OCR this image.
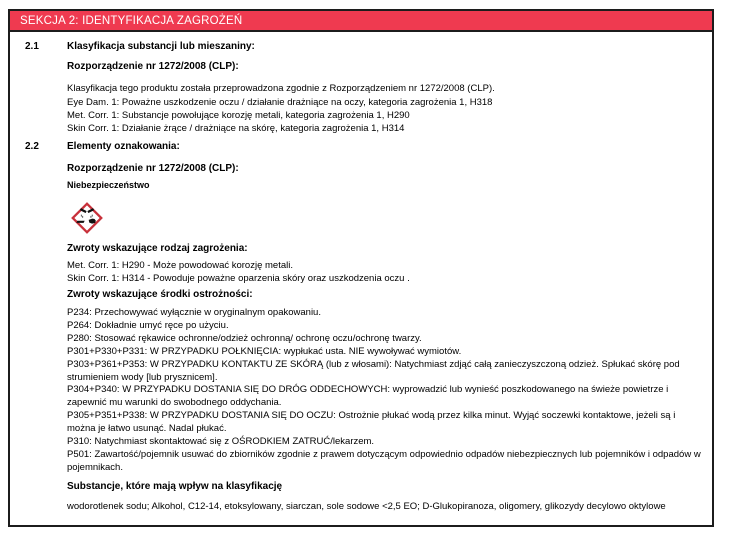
SEKCJA 2: IDENTYFIKACJA ZAGROŻEŃ
2.1	Klasyfikacja substancji lub mieszaniny:
Rozporządzenie nr 1272/2008 (CLP):
Klasyfikacja tego produktu została przeprowadzona zgodnie z Rozporządzeniem nr 1272/2008 (CLP).
Eye Dam. 1: Poważne uszkodzenie oczu / działanie drażniące na oczy, kategoria zagrożenia 1, H318
Met. Corr. 1: Substancje powołujące korozję metali, kategoria zagrożenia 1, H290
Skin Corr. 1: Działanie żrące / drażniące na skórę, kategoria zagrożenia 1, H314
2.2	Elementy oznakowania:
Rozporządzenie nr 1272/2008 (CLP):
Niebezpieczeństwo
Zwroty wskazujące rodzaj zagrożenia:
Met. Corr. 1: H290 - Może powodować korozję metali.
Skin Corr. 1: H314 - Powoduje poważne oparzenia skóry oraz uszkodzenia oczu .
Zwroty wskazujące środki ostrożności:
P234: Przechowywać wyłącznie w oryginalnym opakowaniu.
P264: Dokładnie umyć ręce po użyciu.
P280: Stosować rękawice ochronne/odzież ochronną/ ochronę oczu/ochronę twarzy.
P301+P330+P331: W PRZYPADKU POŁKNIĘCIA: wypłukać usta. NIE wywoływać wymiotów.
P303+P361+P353: W PRZYPADKU KONTAKTU ZE SKÓRĄ (lub z włosami): Natychmiast zdjąć całą zanieczyszczoną odzież. Spłukać skórę pod strumieniem wody [lub prysznicem].
P304+P340: W PRZYPADKU DOSTANIA SIĘ DO DRÓG ODDECHOWYCH: wyprowadzić lub wynieść poszkodowanego na świeże powietrze i zapewnić mu warunki do swobodnego oddychania.
P305+P351+P338: W PRZYPADKU DOSTANIA SIĘ DO OCZU: Ostrożnie płukać wodą przez kilka minut. Wyjąć soczewki kontaktowe, jeżeli są i można je łatwo usunąć. Nadal płukać.
P310: Natychmiast skontaktować się z OŚRODKIEM ZATRUĆ/lekarzem.
P501: Zawartość/pojemnik usuwać do zbiorników zgodnie z prawem dotyczącym odpowiednio odpadów niebezpiecznych lub pojemników i odpadów w pojemnikach.
Substancje, które mają wpływ na klasyfikację
wodorotlenek sodu; Alkohol, C12-14, etoksylowany, siarczan, sole sodowe <2,5 EO; D-Glukopiranoza, oligomery, glikozydy decylowo oktylowe
